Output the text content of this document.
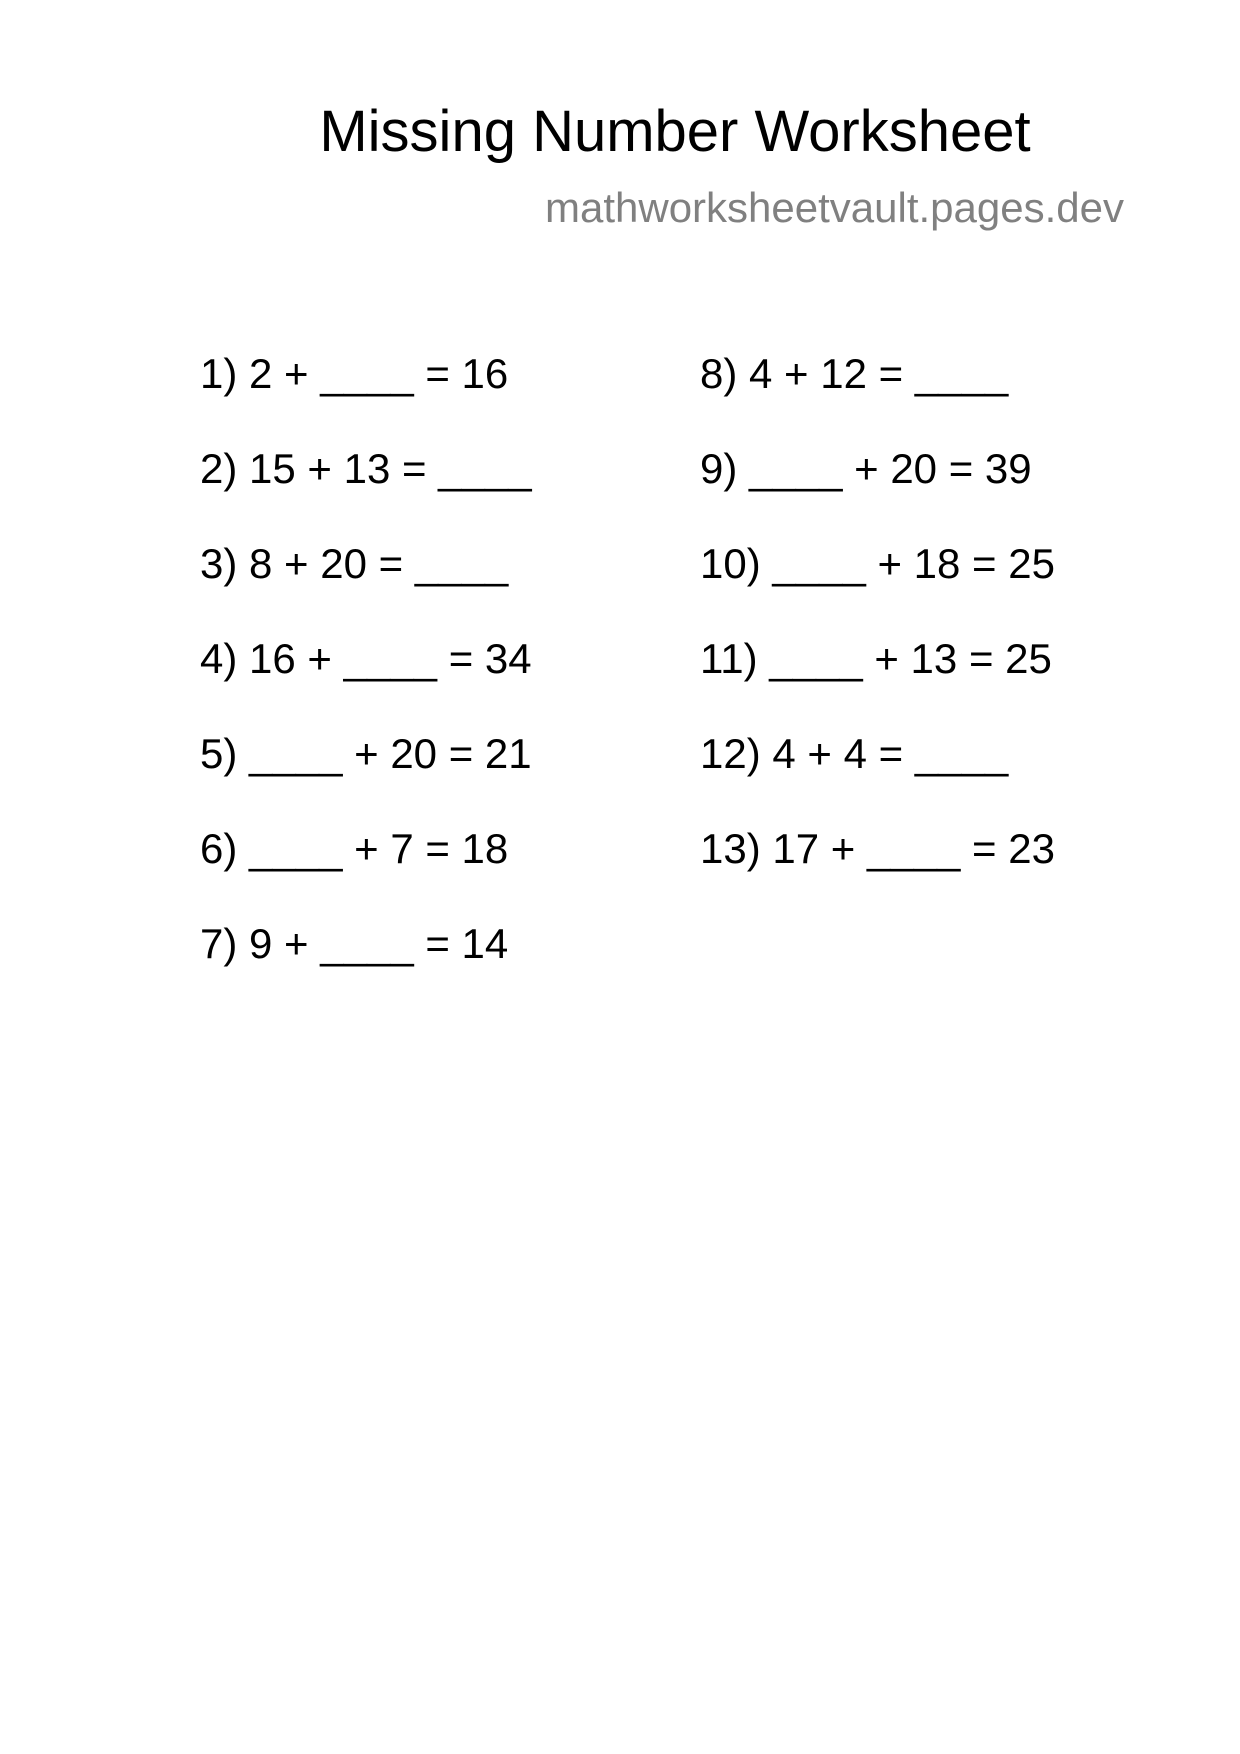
Missing Number Worksheet
mathworksheetvault.pages.dev
1) 2 + ____ = 16
2) 15 + 13 = ____
3) 8 + 20 = ____
4) 16 + ____ = 34
5) ____ + 20 = 21
6) ____ + 7 = 18
7) 9 + ____ = 14
8) 4 + 12 = ____
9) ____ + 20 = 39
10) ____ + 18 = 25
11) ____ + 13 = 25
12) 4 + 4 = ____
13) 17 + ____ = 23
